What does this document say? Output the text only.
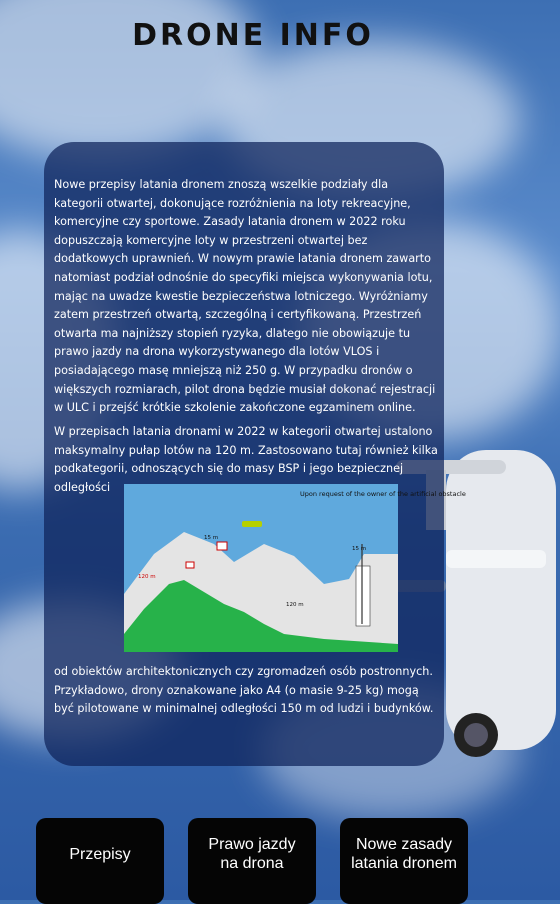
DRONE INFO
Nowe przepisy latania dronem znoszą wszelkie podziały dla kategorii otwartej, dokonujące rozróżnienia na loty rekreacyjne, komercyjne czy sportowe. Zasady latania dronem w 2022 roku dopuszczają komercyjne loty w przestrzeni otwartej bez dodatkowych uprawnień. W nowym prawie latania dronem zawarto natomiast podział odnośnie do specyfiki miejsca wykonywania lotu, mając na uwadze kwestie bezpieczeństwa lotniczego. Wyróżniamy zatem przestrzeń otwartą, szczególną i certyfikowaną. Przestrzeń otwarta ma najniższy stopień ryzyka, dlatego nie obowiązuje tu prawo jazdy na drona wykorzystywanego dla lotów VLOS i posiadającego masę mniejszą niż 250 g. W przypadku dronów o większych rozmiarach, pilot drona będzie musiał dokonać rejestracji w ULC i przejść krótkie szkolenie zakończone egzaminem online.
W przepisach latania dronami w 2022 w kategorii otwartej ustalono maksymalny pułap lotów na 120 m. Zastosowano tutaj również kilka podkategorii, odnoszących się do masy BSP i jego bezpiecznej odległości
Upon request of the owner of the artificial obstacle
120 m
120 m
15 m
15 m
od obiektów architektonicznych czy zgromadzeń osób postronnych. Przykładowo, drony oznakowane jako A4 (o masie 9-25 kg) mogą być pilotowane w minimalnej odległości 150 m od ludzi i budynków.
Przepisy
Prawo jazdy na drona
Nowe zasady latania dronem
